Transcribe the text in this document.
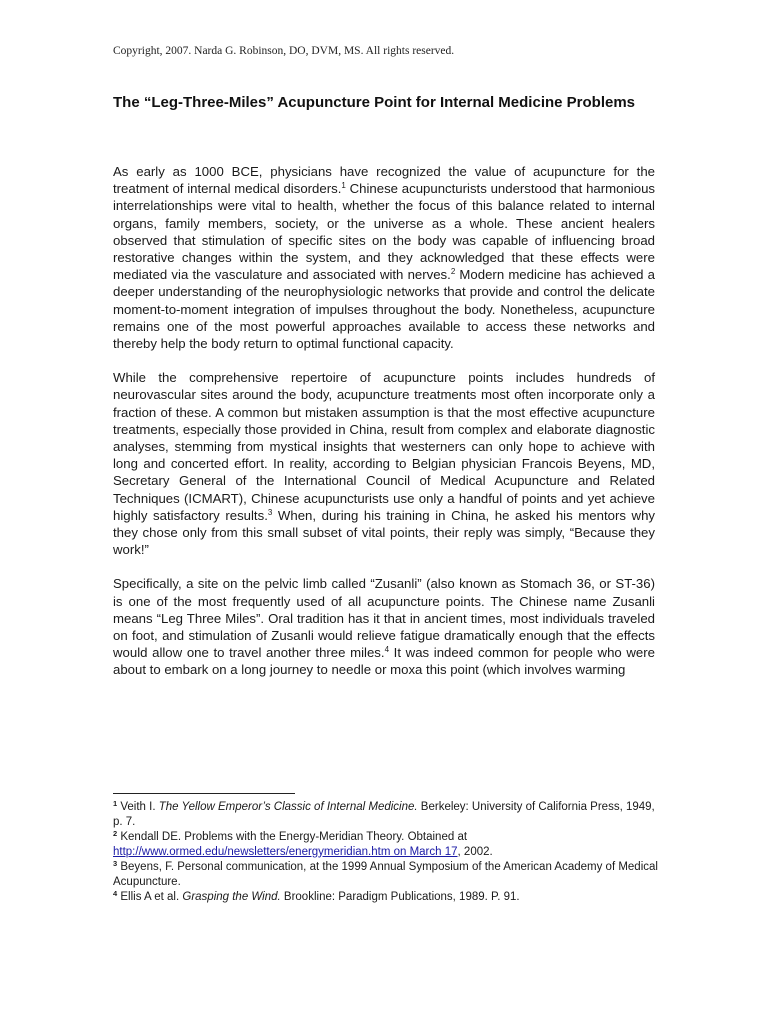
Copyright, 2007. Narda G. Robinson, DO, DVM, MS. All rights reserved.
The “Leg-Three-Miles” Acupuncture Point for Internal Medicine Problems

As early as 1000 BCE, physicians have recognized the value of acupuncture for the treatment of internal medical disorders.$^1$ Chinese acupuncturists understood that harmonious interrelationships were vital to health, whether the focus of this balance related to internal organs, family members, society, or the universe as a whole. These ancient healers observed that stimulation of specific sites on the body was capable of influencing broad restorative changes within the system, and they acknowledged that these effects were mediated via the vasculature and associated with nerves.$^2$ Modern medicine has achieved a deeper understanding of the neurophysiologic networks that provide and control the delicate moment-to-moment integration of impulses throughout the body. Nonetheless, acupuncture remains one of the most powerful approaches available to access these networks and thereby help the body return to optimal functional capacity.

While the comprehensive repertoire of acupuncture points includes hundreds of neurovascular sites around the body, acupuncture treatments most often incorporate only a fraction of these. A common but mistaken assumption is that the most effective acupuncture treatments, especially those provided in China, result from complex and elaborate diagnostic analyses, stemming from mystical insights that westerners can only hope to achieve with long and concerted effort. In reality, according to Belgian physician Francois Beyens, MD, Secretary General of the International Council of Medical Acupuncture and Related Techniques (ICMART), Chinese acupuncturists use only a handful of points and yet achieve highly satisfactory results.$^3$ When, during his training in China, he asked his mentors why they chose only from this small subset of vital points, their reply was simply, “Because they work!”

Specifically, a site on the pelvic limb called “Zusanli” (also known as Stomach 36, or ST-36) is one of the most frequently used of all acupuncture points. The Chinese name Zusanli means “Leg Three Miles”. Oral tradition has it that in ancient times, most individuals traveled on foot, and stimulation of Zusanli would relieve fatigue dramatically enough that the effects would allow one to travel another three miles.$^4$ It was indeed common for people who were about to embark on a long journey to needle or moxa this point (which involves warming

$^1$ Veith I. The Yellow Emperor’s Classic of Internal Medicine. Berkeley: University of California Press, 1949, p. 7.
$^2$ Kendall DE. Problems with the Energy-Meridian Theory. Obtained at
http://www.ormed.edu/newsletters/energymeridian.htm on March 17, 2002.
$^3$ Beyens, F. Personal communication, at the 1999 Annual Symposium of the American Academy of Medical Acupuncture.
$^4$ Ellis A et al. Grasping the Wind. Brookline: Paradigm Publications, 1989. P. 91.
